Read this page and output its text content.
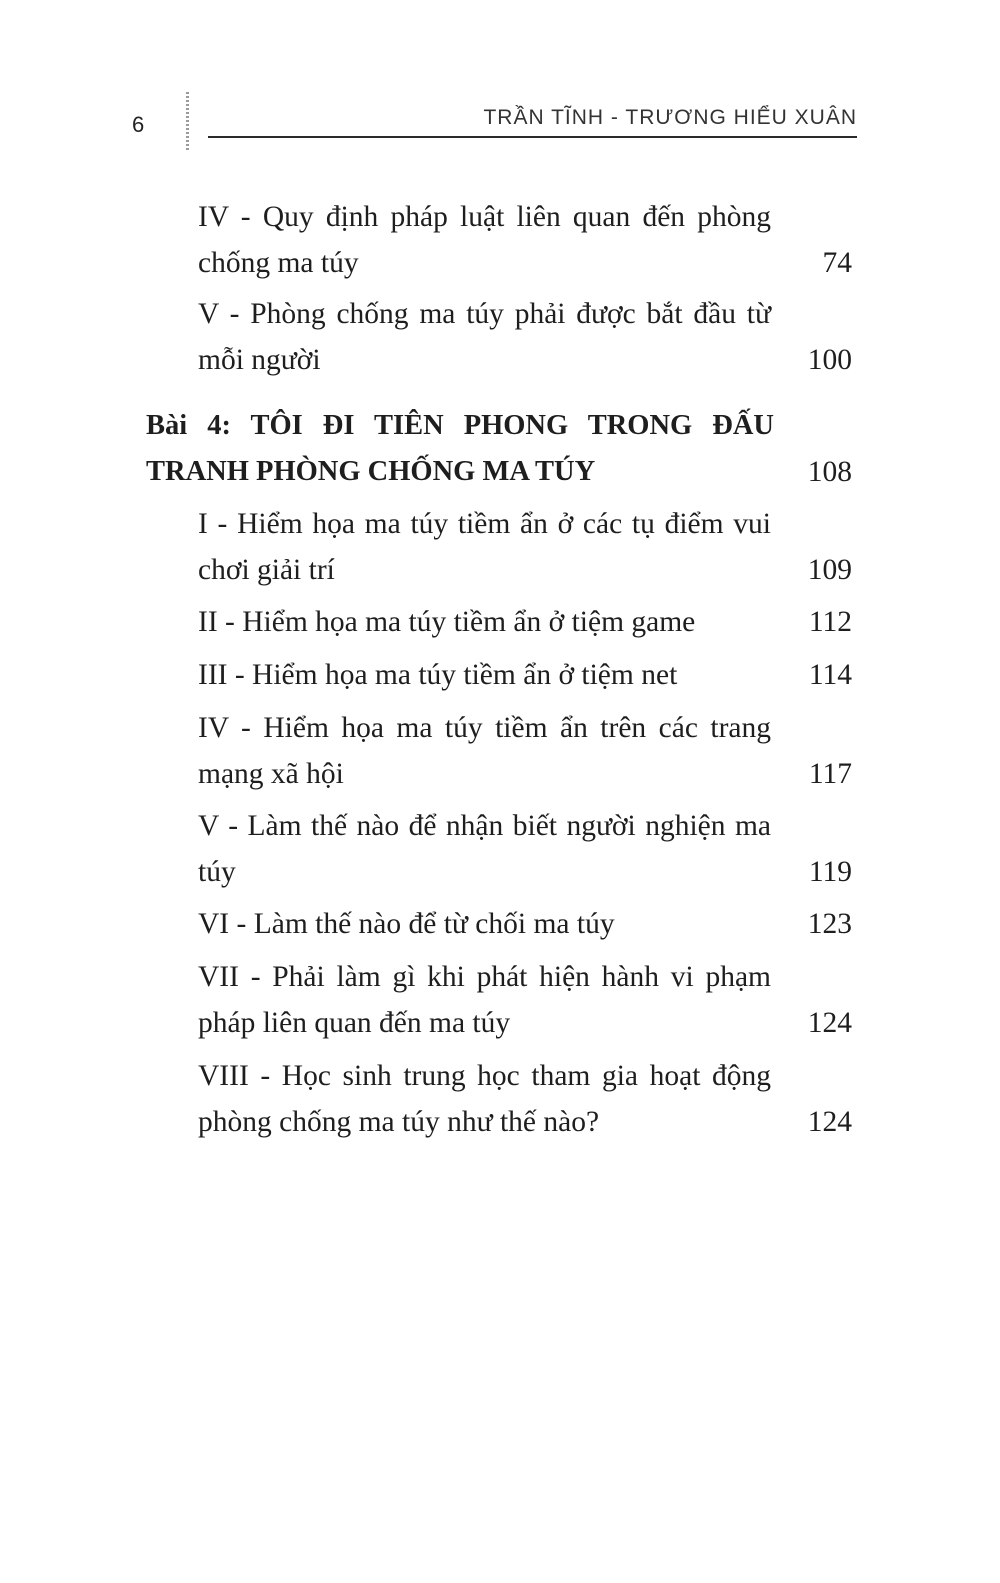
6	TRẦN TĨNH - TRƯƠNG HIỂU XUÂN
IV - Quy định pháp luật liên quan đến phòng chống ma túy	74
V - Phòng chống ma túy phải được bắt đầu từ mỗi người	100
Bài 4: TÔI ĐI TIÊN PHONG TRONG ĐẤU TRANH PHÒNG CHỐNG MA TÚY	108
I - Hiểm họa ma túy tiềm ẩn ở các tụ điểm vui chơi giải trí	109
II - Hiểm họa ma túy tiềm ẩn ở tiệm game	112
III - Hiểm họa ma túy tiềm ẩn ở tiệm net	114
IV - Hiểm họa ma túy tiềm ẩn trên các trang mạng xã hội	117
V - Làm thế nào để nhận biết người nghiện ma túy	119
VI - Làm thế nào để từ chối ma túy	123
VII - Phải làm gì khi phát hiện hành vi phạm pháp liên quan đến ma túy	124
VIII - Học sinh trung học tham gia hoạt động phòng chống ma túy như thế nào?	124
